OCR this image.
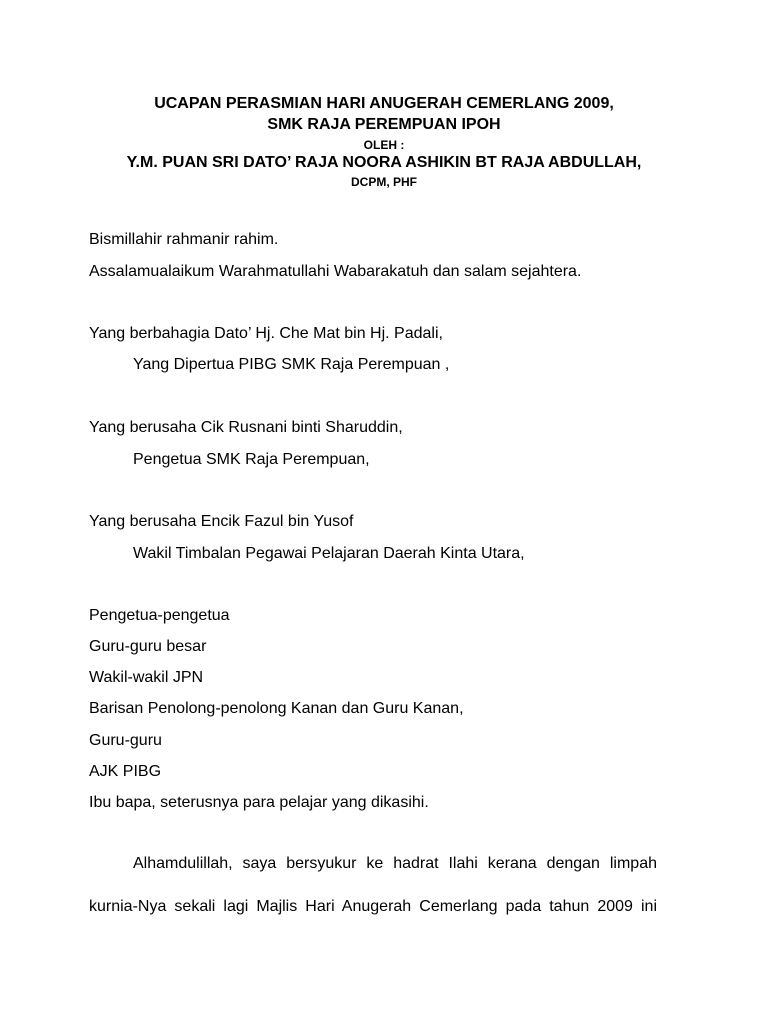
UCAPAN PERASMIAN HARI ANUGERAH CEMERLANG 2009,
SMK RAJA PEREMPUAN IPOH
OLEH :
Y.M. PUAN SRI DATO’ RAJA NOORA ASHIKIN BT RAJA ABDULLAH,
DCPM, PHF
Bismillahir rahmanir rahim.
Assalamualaikum Warahmatullahi Wabarakatuh dan salam sejahtera.
Yang berbahagia Dato’ Hj. Che Mat bin Hj. Padali,
Yang Dipertua PIBG SMK Raja Perempuan ,
Yang berusaha Cik Rusnani binti Sharuddin,
Pengetua SMK Raja Perempuan,
Yang berusaha Encik Fazul bin Yusof
Wakil Timbalan Pegawai Pelajaran Daerah Kinta Utara,
Pengetua-pengetua
Guru-guru besar
Wakil-wakil JPN
Barisan Penolong-penolong Kanan dan Guru Kanan,
Guru-guru
AJK PIBG
Ibu bapa, seterusnya para pelajar yang dikasihi.
Alhamdulillah, saya bersyukur ke hadrat Ilahi kerana dengan limpah
kurnia-Nya sekali lagi Majlis Hari Anugerah Cemerlang pada tahun 2009 ini
